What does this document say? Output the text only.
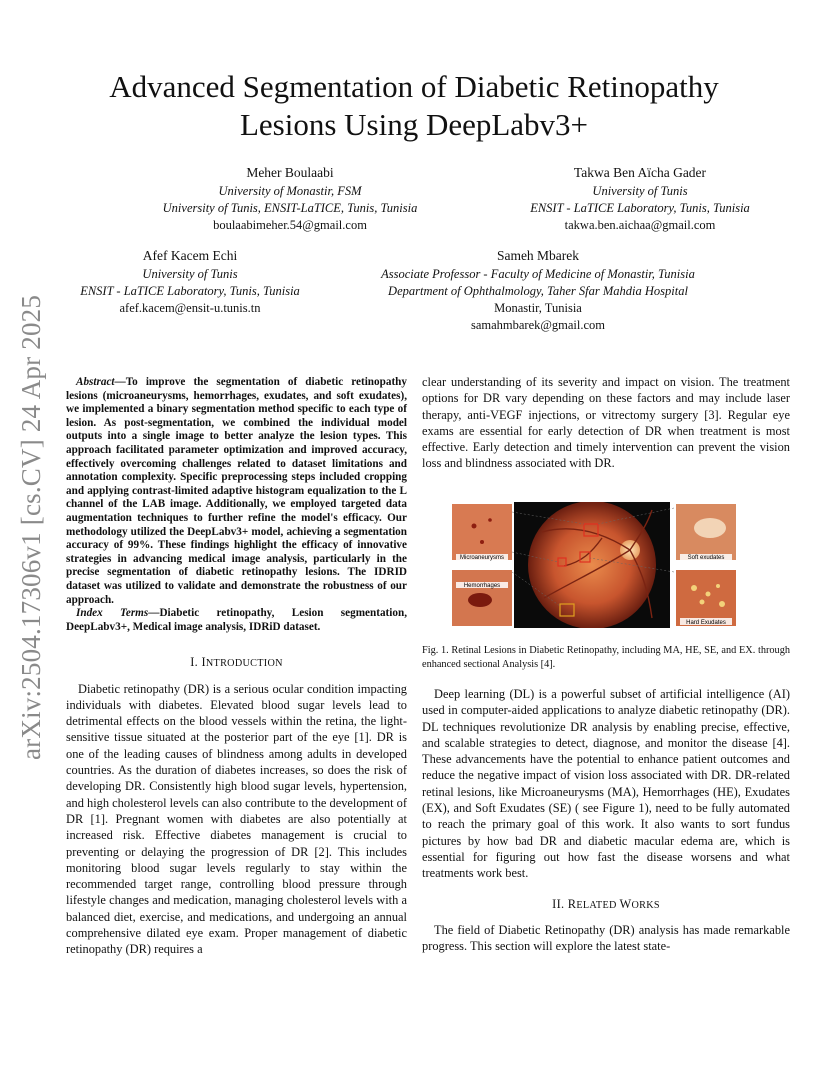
arXiv:2504.17306v1 [cs.CV] 24 Apr 2025
Advanced Segmentation of Diabetic Retinopathy Lesions Using DeepLabv3+
Meher Boulaabi
University of Monastir, FSM
University of Tunis, ENSIT-LaTICE, Tunis, Tunisia
boulaabimeher.54@gmail.com
Takwa Ben Aïcha Gader
University of Tunis
ENSIT - LaTICE Laboratory, Tunis, Tunisia
takwa.ben.aichaa@gmail.com
Afef Kacem Echi
University of Tunis
ENSIT - LaTICE Laboratory, Tunis, Tunisia
afef.kacem@ensit-u.tunis.tn
Sameh Mbarek
Associate Professor - Faculty of Medicine of Monastir, Tunisia
Department of Ophthalmology, Taher Sfar Mahdia Hospital
Monastir, Tunisia
samahmbarek@gmail.com

Abstract—To improve the segmentation of diabetic retinopathy lesions (microaneurysms, hemorrhages, exudates, and soft exudates), we implemented a binary segmentation method specific to each type of lesion. As post-segmentation, we combined the individual model outputs into a single image to better analyze the lesion types. This approach facilitated parameter optimization and improved accuracy, effectively overcoming challenges related to dataset limitations and annotation complexity. Specific preprocessing steps included cropping and applying contrast-limited adaptive histogram equalization to the L channel of the LAB image. Additionally, we employed targeted data augmentation techniques to further refine the model's efficacy. Our methodology utilized the DeepLabv3+ model, achieving a segmentation accuracy of 99%. These findings highlight the efficacy of innovative strategies in advancing medical image analysis, particularly in the precise segmentation of diabetic retinopathy lesions. The IDRID dataset was utilized to validate and demonstrate the robustness of our approach.

Index Terms—Diabetic retinopathy, Lesion segmentation, DeepLabv3+, Medical image analysis, IDRiD dataset.

I. INTRODUCTION

Diabetic retinopathy (DR) is a serious ocular condition impacting individuals with diabetes. Elevated blood sugar levels lead to detrimental effects on the blood vessels within the retina, the light-sensitive tissue situated at the posterior part of the eye [1]. DR is one of the leading causes of blindness among adults in developed countries. As the duration of diabetes increases, so does the risk of developing DR. Consistently high blood sugar levels, hypertension, and high cholesterol levels can also contribute to the development of DR [1]. Pregnant women with diabetes are also potentially at increased risk. Effective diabetes management is crucial to preventing or delaying the progression of DR [2]. This includes monitoring blood sugar levels regularly to stay within the recommended target range, controlling blood pressure through lifestyle changes and medication, managing cholesterol levels with a balanced diet, exercise, and medications, and undergoing an annual comprehensive dilated eye exam. Proper management of diabetic retinopathy (DR) requires a

clear understanding of its severity and impact on vision. The treatment options for DR vary depending on these factors and may include laser therapy, anti-VEGF injections, or vitrectomy surgery [3]. Regular eye exams are essential for early detection of DR when treatment is most effective. Early detection and timely intervention can prevent the vision loss and blindness associated with DR.

Microaneurysms
Hemorrhages
Soft exudates
Hard Exudates
Fig. 1. Retinal Lesions in Diabetic Retinopathy, including MA, HE, SE, and EX. through enhanced sectional Analysis [4].

Deep learning (DL) is a powerful subset of artificial intelligence (AI) used in computer-aided applications to analyze diabetic retinopathy (DR). DL techniques revolutionize DR analysis by enabling precise, effective, and scalable strategies to detect, diagnose, and monitor the disease [4]. These advancements have the potential to enhance patient outcomes and reduce the negative impact of vision loss associated with DR. DR-related retinal lesions, like Microaneurysms (MA), Hemorrhages (HE), Exudates (EX), and Soft Exudates (SE) ( see Figure 1), need to be fully automated to reach the primary goal of this work. It also wants to sort fundus pictures by how bad DR and diabetic macular edema are, which is essential for figuring out how fast the disease worsens and what treatments work best.

II. RELATED WORKS

The field of Diabetic Retinopathy (DR) analysis has made remarkable progress. This section will explore the latest state-
